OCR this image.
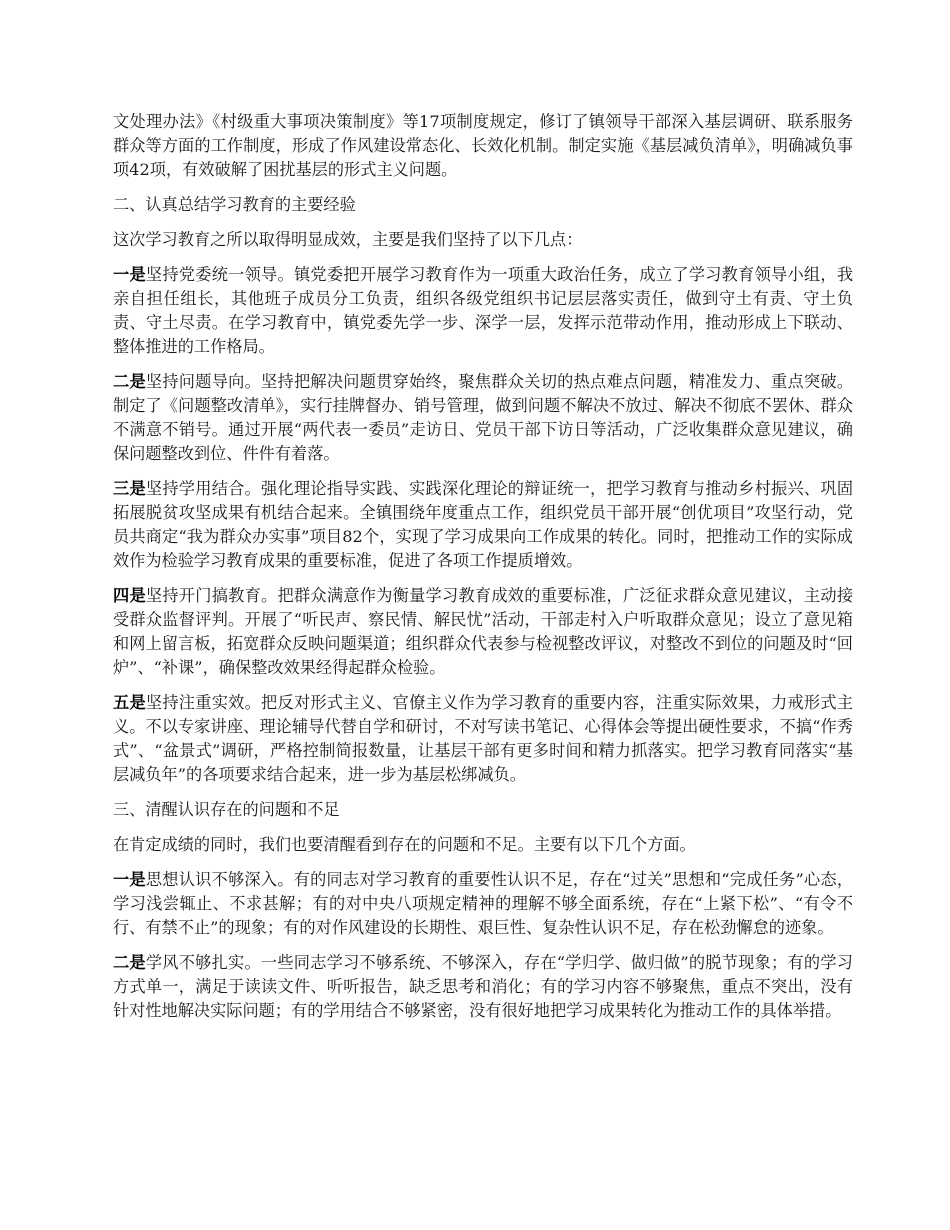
文处理办法》《村级重大事项决策制度》等17项制度规定，修订了镇领导干部深入基层调研、联系服务群众等方面的工作制度，形成了作风建设常态化、长效化机制。制定实施《基层减负清单》，明确减负事项42项，有效破解了困扰基层的形式主义问题。

二、认真总结学习教育的主要经验

这次学习教育之所以取得明显成效，主要是我们坚持了以下几点：

一是坚持党委统一领导。镇党委把开展学习教育作为一项重大政治任务，成立了学习教育领导小组，我亲自担任组长，其他班子成员分工负责，组织各级党组织书记层层落实责任，做到守土有责、守土负责、守土尽责。在学习教育中，镇党委先学一步、深学一层，发挥示范带动作用，推动形成上下联动、整体推进的工作格局。

二是坚持问题导向。坚持把解决问题贯穿始终，聚焦群众关切的热点难点问题，精准发力、重点突破。制定了《问题整改清单》，实行挂牌督办、销号管理，做到问题不解决不放过、解决不彻底不罢休、群众不满意不销号。通过开展“两代表一委员”走访日、党员干部下访日等活动，广泛收集群众意见建议，确保问题整改到位、件件有着落。

三是坚持学用结合。强化理论指导实践、实践深化理论的辩证统一，把学习教育与推动乡村振兴、巩固拓展脱贫攻坚成果有机结合起来。全镇围绕年度重点工作，组织党员干部开展“创优项目”攻坚行动，党员共商定“我为群众办实事”项目82个，实现了学习成果向工作成果的转化。同时，把推动工作的实际成效作为检验学习教育成果的重要标准，促进了各项工作提质增效。

四是坚持开门搞教育。把群众满意作为衡量学习教育成效的重要标准，广泛征求群众意见建议，主动接受群众监督评判。开展了“听民声、察民情、解民忧”活动，干部走村入户听取群众意见；设立了意见箱和网上留言板，拓宽群众反映问题渠道；组织群众代表参与检视整改评议，对整改不到位的问题及时“回炉”、“补课”，确保整改效果经得起群众检验。

五是坚持注重实效。把反对形式主义、官僚主义作为学习教育的重要内容，注重实际效果，力戒形式主义。不以专家讲座、理论辅导代替自学和研讨，不对写读书笔记、心得体会等提出硬性要求，不搞“作秀式”、“盆景式”调研，严格控制简报数量，让基层干部有更多时间和精力抓落实。把学习教育同落实“基层减负年”的各项要求结合起来，进一步为基层松绑减负。

三、清醒认识存在的问题和不足

在肯定成绩的同时，我们也要清醒看到存在的问题和不足。主要有以下几个方面。

一是思想认识不够深入。有的同志对学习教育的重要性认识不足，存在“过关”思想和“完成任务”心态，学习浅尝辄止、不求甚解；有的对中央八项规定精神的理解不够全面系统，存在“上紧下松”、“有令不行、有禁不止”的现象；有的对作风建设的长期性、艰巨性、复杂性认识不足，存在松劲懈怠的迹象。

二是学风不够扎实。一些同志学习不够系统、不够深入，存在“学归学、做归做”的脱节现象；有的学习方式单一，满足于读读文件、听听报告，缺乏思考和消化；有的学习内容不够聚焦，重点不突出，没有针对性地解决实际问题；有的学用结合不够紧密，没有很好地把学习成果转化为推动工作的具体举措。
